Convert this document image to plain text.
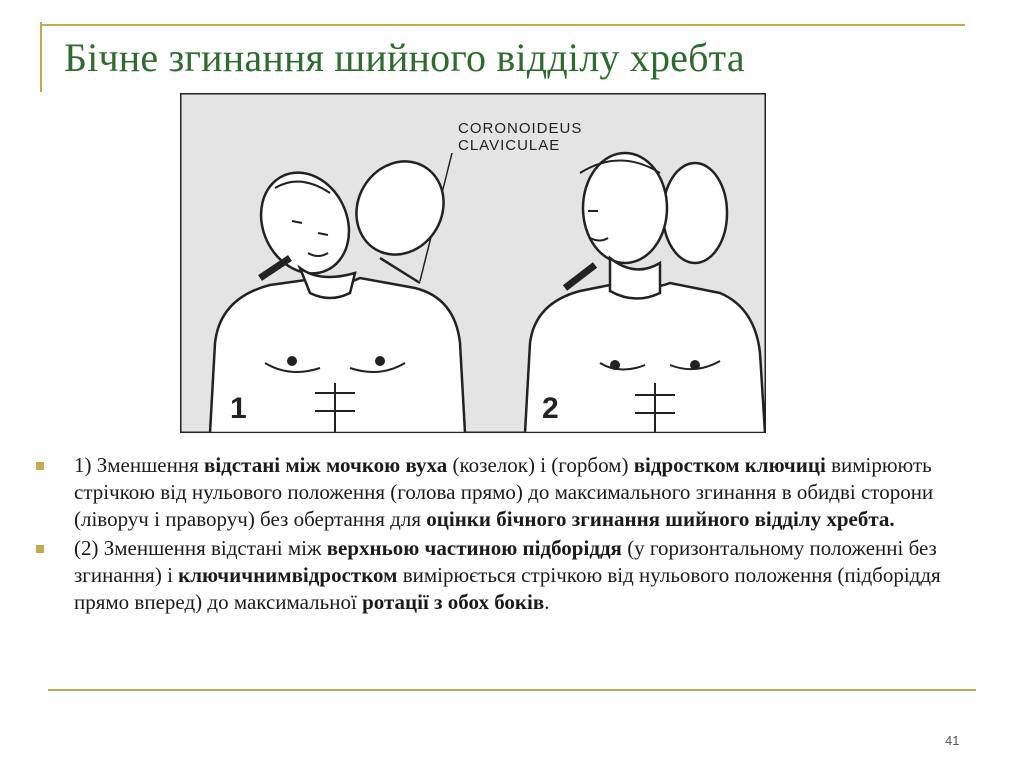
Бічне згинання шийного відділу хребта
CORONOIDEUS
CLAVICULAE
1	2
1) Зменшення відстані між мочкою вуха (козелок) і (горбом) відростком ключиці вимірюють стрічкою від нульового положення (голова прямо) до максимального згинання в обидві сторони (ліворуч і праворуч) без обертання для оцінки бічного згинання шийного відділу хребта.
(2) Зменшення відстані між верхньою частиною підборіддя (у горизонтальному положенні без згинання) і ключичнимвідростком вимірюється стрічкою від нульового положення (підборіддя прямо вперед) до максимальної ротації з обох боків.
41
